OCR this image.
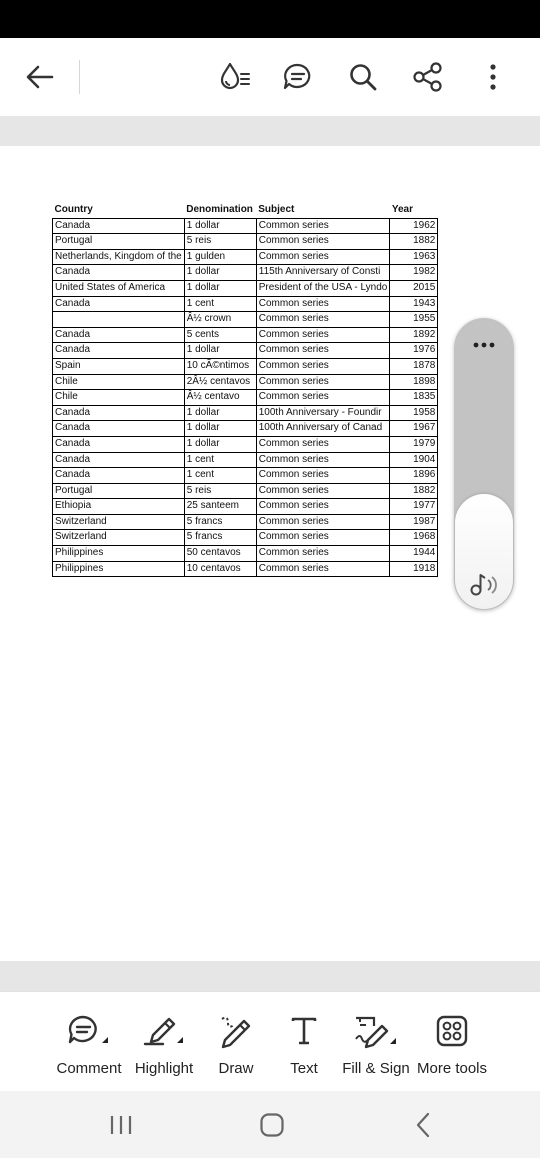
Country	Denomination	Subject	Year
Canada	1 dollar	Common series	1962
Portugal	5 reis	Common series	1882
Netherlands, Kingdom of the	1 gulden	Common series	1963
Canada	1 dollar	115th Anniversary of Consti	1982
United States of America	1 dollar	President of the USA - Lyndo	2015
Canada	1 cent	Common series	1943
	Â½ crown	Common series	1955
Canada	5 cents	Common series	1892
Canada	1 dollar	Common series	1976
Spain	10 cÃ©ntimos	Common series	1878
Chile	2Â½ centavos	Common series	1898
Chile	Â½ centavo	Common series	1835
Canada	1 dollar	100th Anniversary - Foundir	1958
Canada	1 dollar	100th Anniversary of Canad	1967
Canada	1 dollar	Common series	1979
Canada	1 cent	Common series	1904
Canada	1 cent	Common series	1896
Portugal	5 reis	Common series	1882
Ethiopia	25 santeem	Common series	1977
Switzerland	5 francs	Common series	1987
Switzerland	5 francs	Common series	1968
Philippines	50 centavos	Common series	1944
Philippines	10 centavos	Common series	1918
Comment Highlight Draw Text Fill & Sign More tools
